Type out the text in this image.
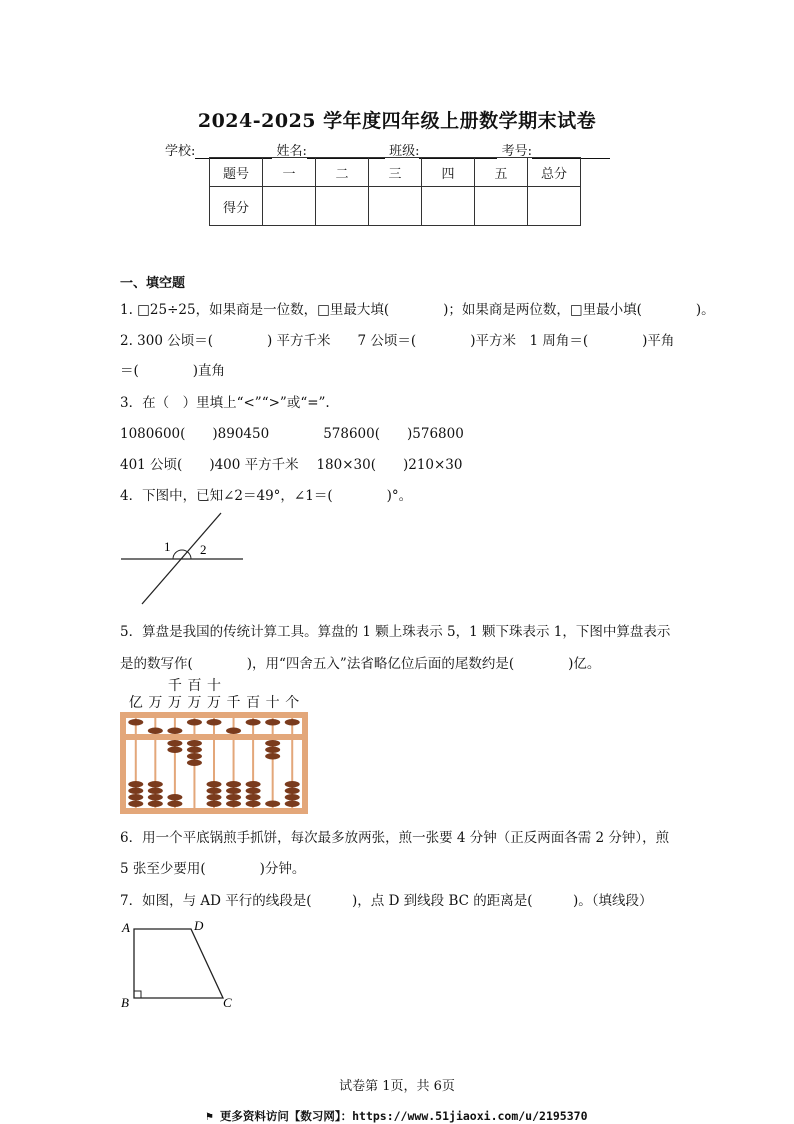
2024-2025 学年度四年级上册数学期末试卷
学校:	姓名:	班级:	考号:
题号	一	二	三	四	五	总分
得分						
一、填空题
1. □25÷25，如果商是一位数，□里最大填(　　　　)；如果商是两位数，□里最小填(　　　　)。
2. 300 公顷＝(　　　　) 平方千米　　7 公顷＝(　　　　)平方米　1 周角＝(　　　　)平角
＝(　　　　)直角
3．在（　）里填上“<”“>”或“=”.
1080600(　　)890450　　　　578600(　　)576800
401 公顷(　　)400 平方千米　 180×30(　　)210×30
4．下图中，已知∠2＝49°，∠1＝(　　　　)°。
1 2
5．算盘是我国的传统计算工具。算盘的 1 颗上珠表示 5，1 颗下珠表示 1，下图中算盘表示
是的数写作(　　　　)，用“四舍五入”法省略亿位后面的尾数约是(　　　　)亿。
亿 万 万 万 万 千 百 十 个
千 百 十
6．用一个平底锅煎手抓饼，每次最多放两张，煎一张要 4 分钟（正反两面各需 2 分钟），煎
5 张至少要用(　　　　)分钟。
7．如图，与 AD 平行的线段是(　　　)，点 D 到线段 BC 的距离是(　　　)。（填线段）
A	D
B	C
试卷第 1页，共 6页
⚑ 更多资料访问【数习网】：https://www.51jiaoxi.com/u/2195370
